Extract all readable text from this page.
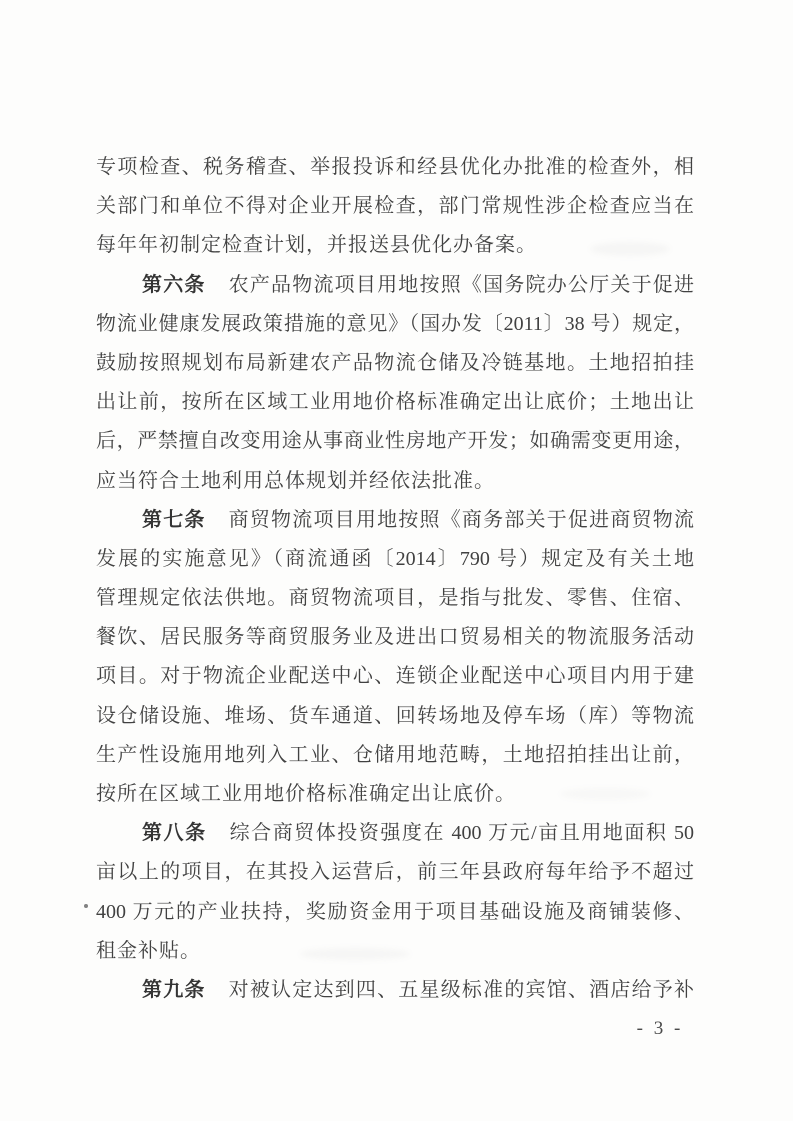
专项检查、税务稽查、举报投诉和经县优化办批准的检查外，相
关部门和单位不得对企业开展检查，部门常规性涉企检查应当在
每年年初制定检查计划，并报送县优化办备案。
第六条 农产品物流项目用地按照《国务院办公厅关于促进
物流业健康发展政策措施的意见》（国办发〔2011〕38 号）规定，
鼓励按照规划布局新建农产品物流仓储及冷链基地。土地招拍挂
出让前，按所在区域工业用地价格标准确定出让底价；土地出让
后，严禁擅自改变用途从事商业性房地产开发；如确需变更用途，
应当符合土地利用总体规划并经依法批准。
第七条 商贸物流项目用地按照《商务部关于促进商贸物流
发展的实施意见》（商流通函〔2014〕790 号）规定及有关土地
管理规定依法供地。商贸物流项目，是指与批发、零售、住宿、
餐饮、居民服务等商贸服务业及进出口贸易相关的物流服务活动
项目。对于物流企业配送中心、连锁企业配送中心项目内用于建
设仓储设施、堆场、货车通道、回转场地及停车场（库）等物流
生产性设施用地列入工业、仓储用地范畴，土地招拍挂出让前，
按所在区域工业用地价格标准确定出让底价。
第八条 综合商贸体投资强度在 400 万元/亩且用地面积 50
亩以上的项目，在其投入运营后，前三年县政府每年给予不超过
400 万元的产业扶持，奖励资金用于项目基础设施及商铺装修、
租金补贴。
第九条 对被认定达到四、五星级标准的宾馆、酒店给予补
- 3 -
